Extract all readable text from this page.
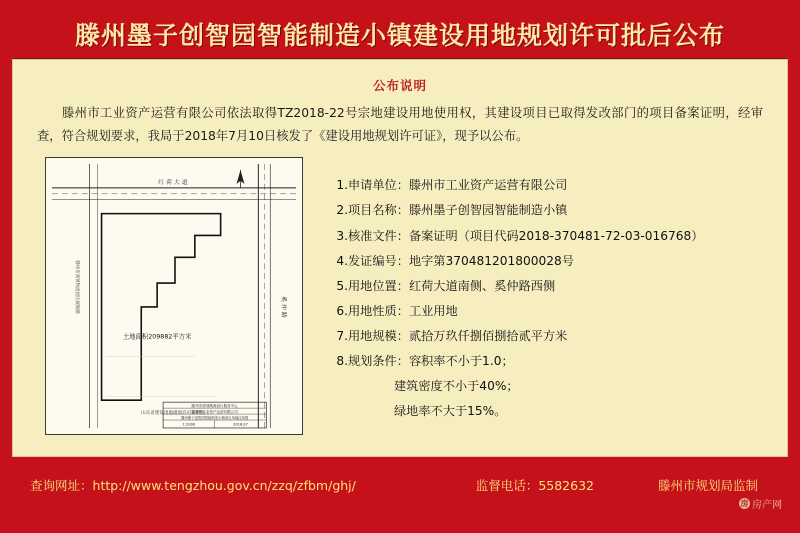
滕州墨子创智园智能制造小镇建设用地规划许可批后公布
公布说明
滕州市工业资产运营有限公司依法取得TZ2018-22号宗地建设用地使用权，其建设项目已取得发改部门的项目备案证明，经审查，符合规划要求，我局于2018年7月10日核发了《建设用地规划许可证》，现予以公布。
红 荷 大 道
奚 仲 路
滕州市商贸物流园区规划路
土地面积209882平方米
山东省建设用地规划许可证附图
滕州市规划勘测设计服务中心
滕州市工业资产运营有限公司
滕州墨子创智园智能制造小镇项目用地红线图
1:2000	2018.07
1. 申请单位： 滕州市工业资产运营有限公司
2. 项目名称： 滕州墨子创智园智能制造小镇
3. 核准文件： 备案证明（项目代码2018-370481-72-03-016768）
4. 发证编号： 地字第370481201800028号
5. 用地位置： 红荷大道南侧、奚仲路西侧
6. 用地性质： 工业用地
7. 用地规模： 贰拾万玖仟捌佰捌拾贰平方米
8. 规划条件： 容积率不小于1.0；
建筑密度不小于40%；
绿地率不大于15%。
查询网址：http://www.tengzhou.gov.cn/zzq/zfbm/ghj/	监督电话：5582632	滕州市规划局监制
房 房产网
